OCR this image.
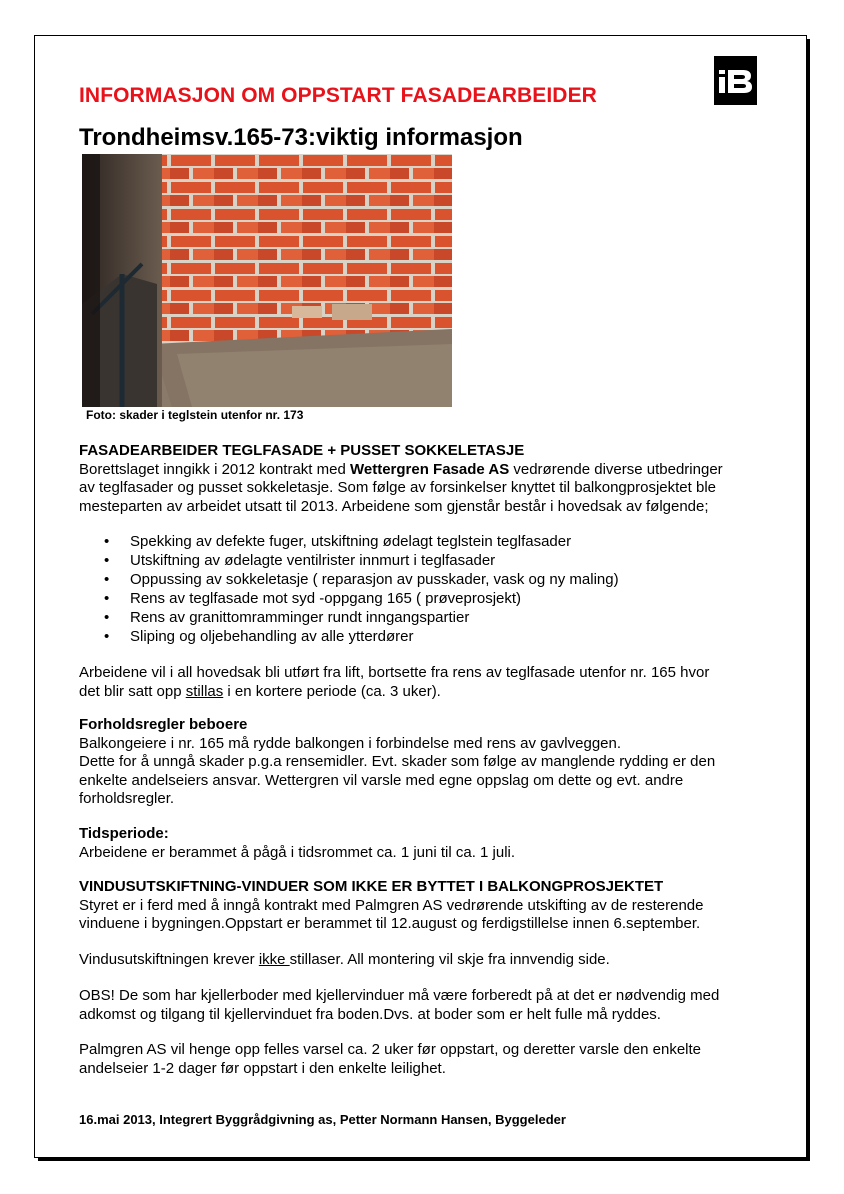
INFORMASJON OM OPPSTART FASADEARBEIDER
Trondheimsv.165-73:viktig informasjon
Foto: skader i teglstein utenfor nr. 173

FASADEARBEIDER TEGLFASADE + PUSSET SOKKELETASJE

Borettslaget inngikk i 2012 kontrakt med Wettergren Fasade AS vedrørende diverse utbedringer

av teglfasader og pusset sokkeletasje. Som følge av forsinkelser knyttet til balkongprosjektet ble

mesteparten av arbeidet utsatt til 2013. Arbeidene som gjenstår består i hovedsak av følgende;

• Spekking av defekte fuger, utskiftning ødelagt teglstein teglfasader
• Utskiftning av ødelagte ventilrister innmurt i teglfasader
• Oppussing av sokkeletasje ( reparasjon av pusskader, vask og ny maling)
• Rens av teglfasade mot syd -oppgang 165 ( prøveprosjekt)
• Rens av granittomramminger rundt inngangspartier
• Sliping og oljebehandling av alle ytterdører

Arbeidene vil i all hovedsak bli utført fra lift, bortsette fra rens av teglfasade utenfor nr. 165 hvor

det blir satt opp stillas i en kortere periode (ca. 3 uker).

Forholdsregler beboere

Balkongeiere i nr. 165 må rydde balkongen i forbindelse med rens av gavlveggen.

Dette for å unngå skader p.g.a rensemidler. Evt. skader som følge av manglende rydding er den

enkelte andelseiers ansvar. Wettergren vil varsle med egne oppslag om dette og evt. andre

forholdsregler.

Tidsperiode:

Arbeidene er berammet å pågå i tidsrommet ca. 1 juni til ca. 1 juli.

VINDUSUTSKIFTNING-VINDUER SOM IKKE ER BYTTET I BALKONGPROSJEKTET

Styret er i ferd med å inngå kontrakt med Palmgren AS vedrørende utskifting av de resterende

vinduene i bygningen.Oppstart er berammet til 12.august og ferdigstillelse innen 6.september.

Vindusutskiftningen krever ikke stillaser. All montering vil skje fra innvendig side.

OBS! De som har kjellerboder med kjellervinduer må være forberedt på at det er nødvendig med

adkomst og tilgang til kjellervinduet fra boden.Dvs. at boder som er helt fulle må ryddes.

Palmgren AS vil henge opp felles varsel ca. 2 uker før oppstart, og deretter varsle den enkelte

andelseier 1-2 dager før oppstart i den enkelte leilighet.

16.mai 2013, Integrert Byggrådgivning as, Petter Normann Hansen, Byggeleder
